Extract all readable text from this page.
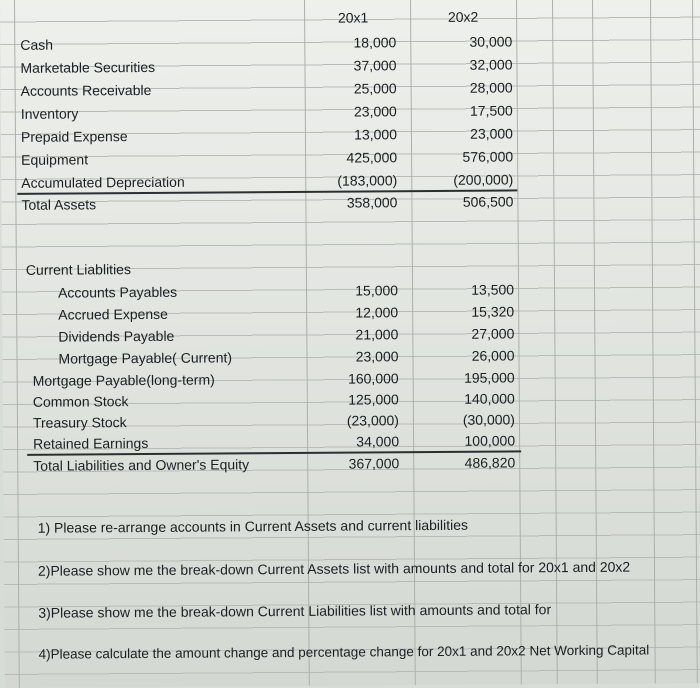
20x1	20x2
Cash	18,000	30,000
Marketable Securities	37,000	32,000
Accounts Receivable	25,000	28,000
Inventory	23,000	17,500
Prepaid Expense	13,000	23,000
Equipment	425,000	576,000
Accumulated Depreciation	(183,000)	(200,000)
Total Assets	358,000	506,500
Current Liablities
Accounts Payables	15,000	13,500
Accrued Expense	12,000	15,320
Dividends Payable	21,000	27,000
Mortgage Payable( Current)	23,000	26,000
Mortgage Payable(long-term)	160,000	195,000
Common Stock	125,000	140,000
Treasury Stock	(23,000)	(30,000)
Retained Earnings	34,000	100,000
Total Liabilities and Owner's Equity	367,000	486,820
1) Please re-arrange accounts in Current Assets and current liabilities
2)Please show me the break-down Current Assets list with amounts and total for 20x1 and 20x2
3)Please show me the break-down Current Liabilities list with amounts and total for
4)Please calculate the amount change and percentage change for 20x1 and 20x2 Net Working Capital
